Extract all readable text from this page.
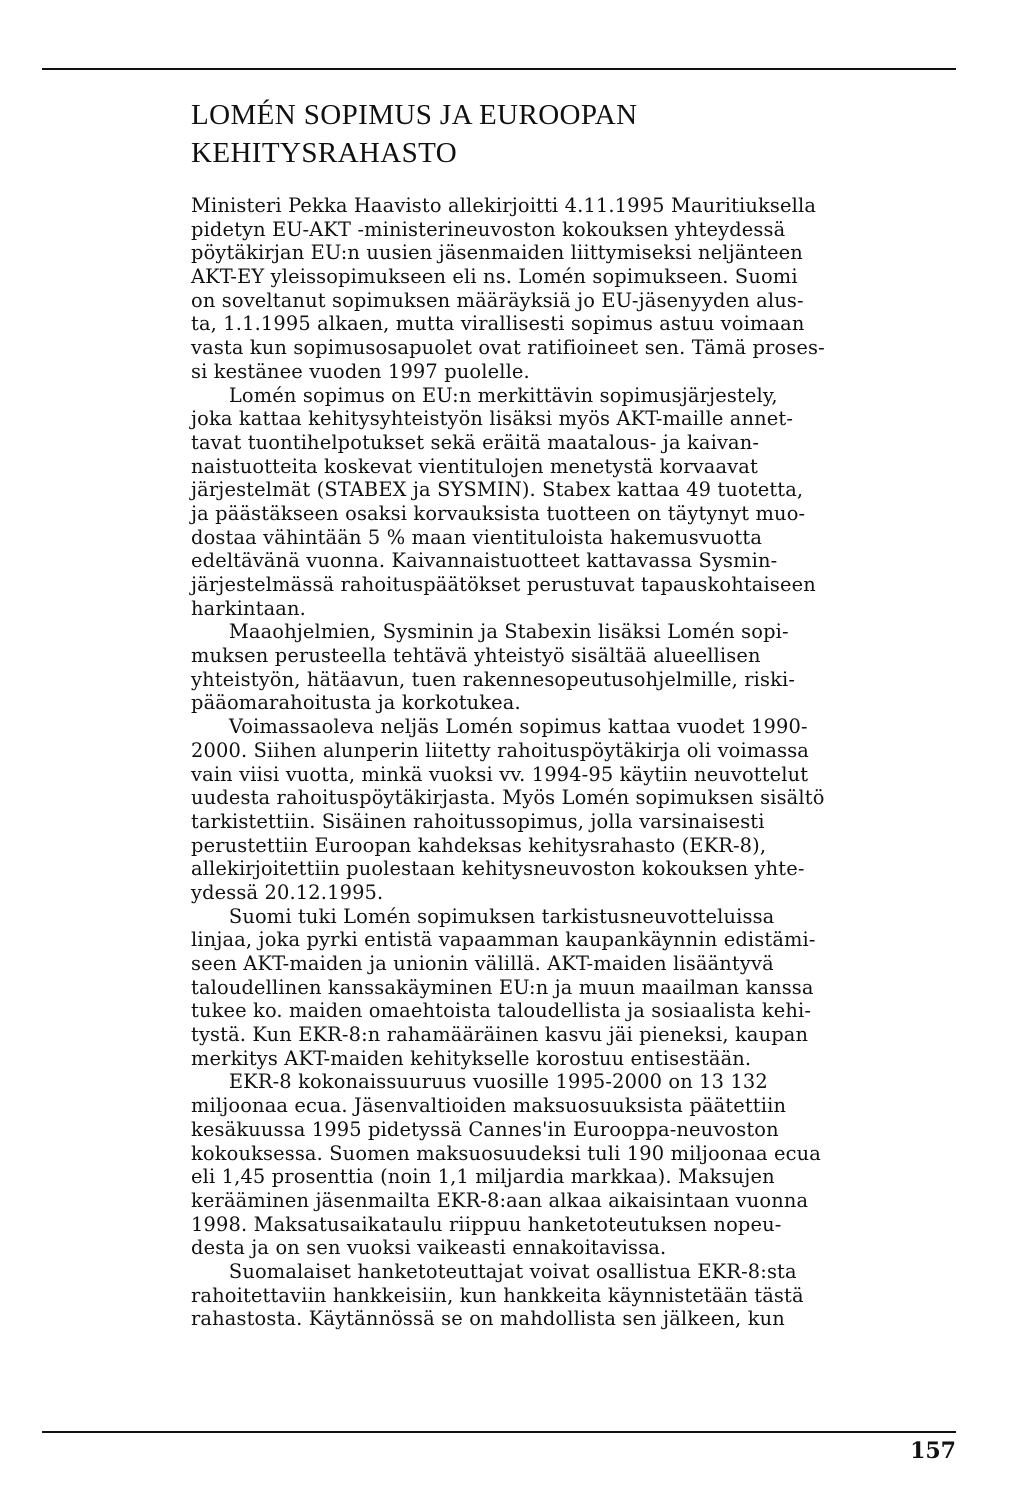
LOMÉN SOPIMUS JA EUROOPAN
KEHITYSRAHASTO
Ministeri Pekka Haavisto allekirjoitti 4.11.1995 Mauritiuksella
pidetyn EU-AKT -ministerineuvoston kokouksen yhteydessä
pöytäkirjan EU:n uusien jäsenmaiden liittymiseksi neljänteen
AKT-EY yleissopimukseen eli ns. Lomén sopimukseen. Suomi
on soveltanut sopimuksen määräyksiä jo EU-jäsenyyden alus-
ta, 1.1.1995 alkaen, mutta virallisesti sopimus astuu voimaan
vasta kun sopimusosapuolet ovat ratifioineet sen. Tämä proses-
si kestänee vuoden 1997 puolelle.
Lomén sopimus on EU:n merkittävin sopimusjärjestely,
joka kattaa kehitysyhteistyön lisäksi myös AKT-maille annet-
tavat tuontihelpotukset sekä eräitä maatalous- ja kaivan-
naistuotteita koskevat vientitulojen menetystä korvaavat
järjestelmät (STABEX ja SYSMIN). Stabex kattaa 49 tuotetta,
ja päästäkseen osaksi korvauksista tuotteen on täytynyt muo-
dostaa vähintään 5 % maan vientituloista hakemusvuotta
edeltävänä vuonna. Kaivannaistuotteet kattavassa Sysmin-
järjestelmässä rahoituspäätökset perustuvat tapauskohtaiseen
harkintaan.
Maaohjelmien, Sysminin ja Stabexin lisäksi Lomén sopi-
muksen perusteella tehtävä yhteistyö sisältää alueellisen
yhteistyön, hätäavun, tuen rakennesopeutusohjelmille, riski-
pääomarahoitusta ja korkotukea.
Voimassaoleva neljäs Lomén sopimus kattaa vuodet 1990-
2000. Siihen alunperin liitetty rahoituspöytäkirja oli voimassa
vain viisi vuotta, minkä vuoksi vv. 1994-95 käytiin neuvottelut
uudesta rahoituspöytäkirjasta. Myös Lomén sopimuksen sisältö
tarkistettiin. Sisäinen rahoitussopimus, jolla varsinaisesti
perustettiin Euroopan kahdeksas kehitysrahasto (EKR-8),
allekirjoitettiin puolestaan kehitysneuvoston kokouksen yhte-
ydessä 20.12.1995.
Suomi tuki Lomén sopimuksen tarkistusneuvotteluissa
linjaa, joka pyrki entistä vapaamman kaupankäynnin edistämi-
seen AKT-maiden ja unionin välillä. AKT-maiden lisääntyvä
taloudellinen kanssakäyminen EU:n ja muun maailman kanssa
tukee ko. maiden omaehtoista taloudellista ja sosiaalista kehi-
tystä. Kun EKR-8:n rahamääräinen kasvu jäi pieneksi, kaupan
merkitys AKT-maiden kehitykselle korostuu entisestään.
EKR-8 kokonaissuuruus vuosille 1995-2000 on 13 132
miljoonaa ecua. Jäsenvaltioiden maksuosuuksista päätettiin
kesäkuussa 1995 pidetyssä Cannes'in Eurooppa-neuvoston
kokouksessa. Suomen maksuosuudeksi tuli 190 miljoonaa ecua
eli 1,45 prosenttia (noin 1,1 miljardia markkaa). Maksujen
kerääminen jäsenmailta EKR-8:aan alkaa aikaisintaan vuonna
1998. Maksatusaikataulu riippuu hanketoteutuksen nopeu-
desta ja on sen vuoksi vaikeasti ennakoitavissa.
Suomalaiset hanketoteuttajat voivat osallistua EKR-8:sta
rahoitettaviin hankkeisiin, kun hankkeita käynnistetään tästä
rahastosta. Käytännössä se on mahdollista sen jälkeen, kun
157
